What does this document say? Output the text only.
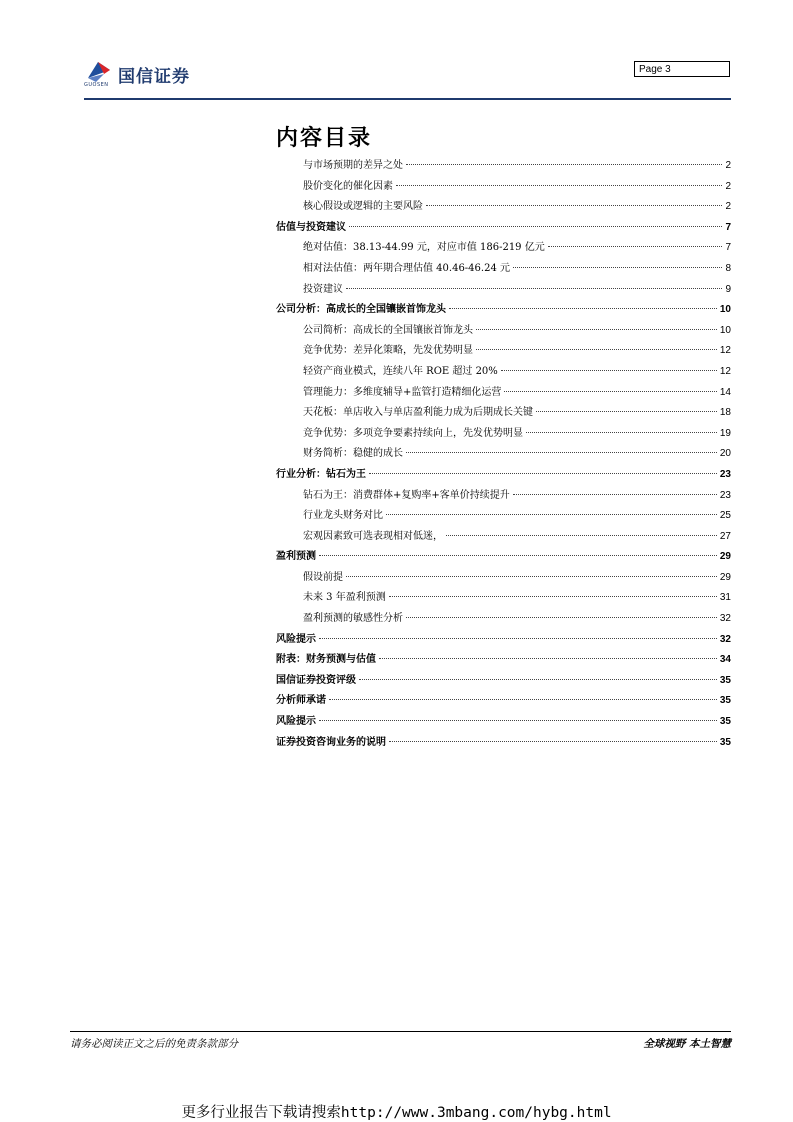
国信证券
GUOSEN
Page 3
内容目录
与市场预期的差异之处	2
股价变化的催化因素	2
核心假设或逻辑的主要风险	2
估值与投资建议	7
绝对估值：38.13-44.99 元，对应市值 186-219 亿元	7
相对法估值：两年期合理估值 40.46-46.24 元	8
投资建议	9
公司分析：高成长的全国镶嵌首饰龙头	10
公司简析：高成长的全国镶嵌首饰龙头	10
竞争优势：差异化策略，先发优势明显	12
轻资产商业模式，连续八年 ROE 超过 20%	12
管理能力：多维度辅导+监管打造精细化运营	14
天花板：单店收入与单店盈利能力成为后期成长关键	18
竞争优势：多项竞争要素持续向上，先发优势明显	19
财务简析：稳健的成长	20
行业分析：钻石为王	23
钻石为王：消费群体+复购率+客单价持续提升	23
行业龙头财务对比	25
宏观因素致可选表现相对低迷，	27
盈利预测	29
假设前提	29
未来 3 年盈利预测	31
盈利预测的敏感性分析	32
风险提示	32
附表：财务预测与估值	34
国信证券投资评级	35
分析师承诺	35
风险提示	35
证券投资咨询业务的说明	35
请务必阅读正文之后的免责条款部分	全球视野 本土智慧
更多行业报告下载请搜索http://www.3mbang.com/hybg.html
